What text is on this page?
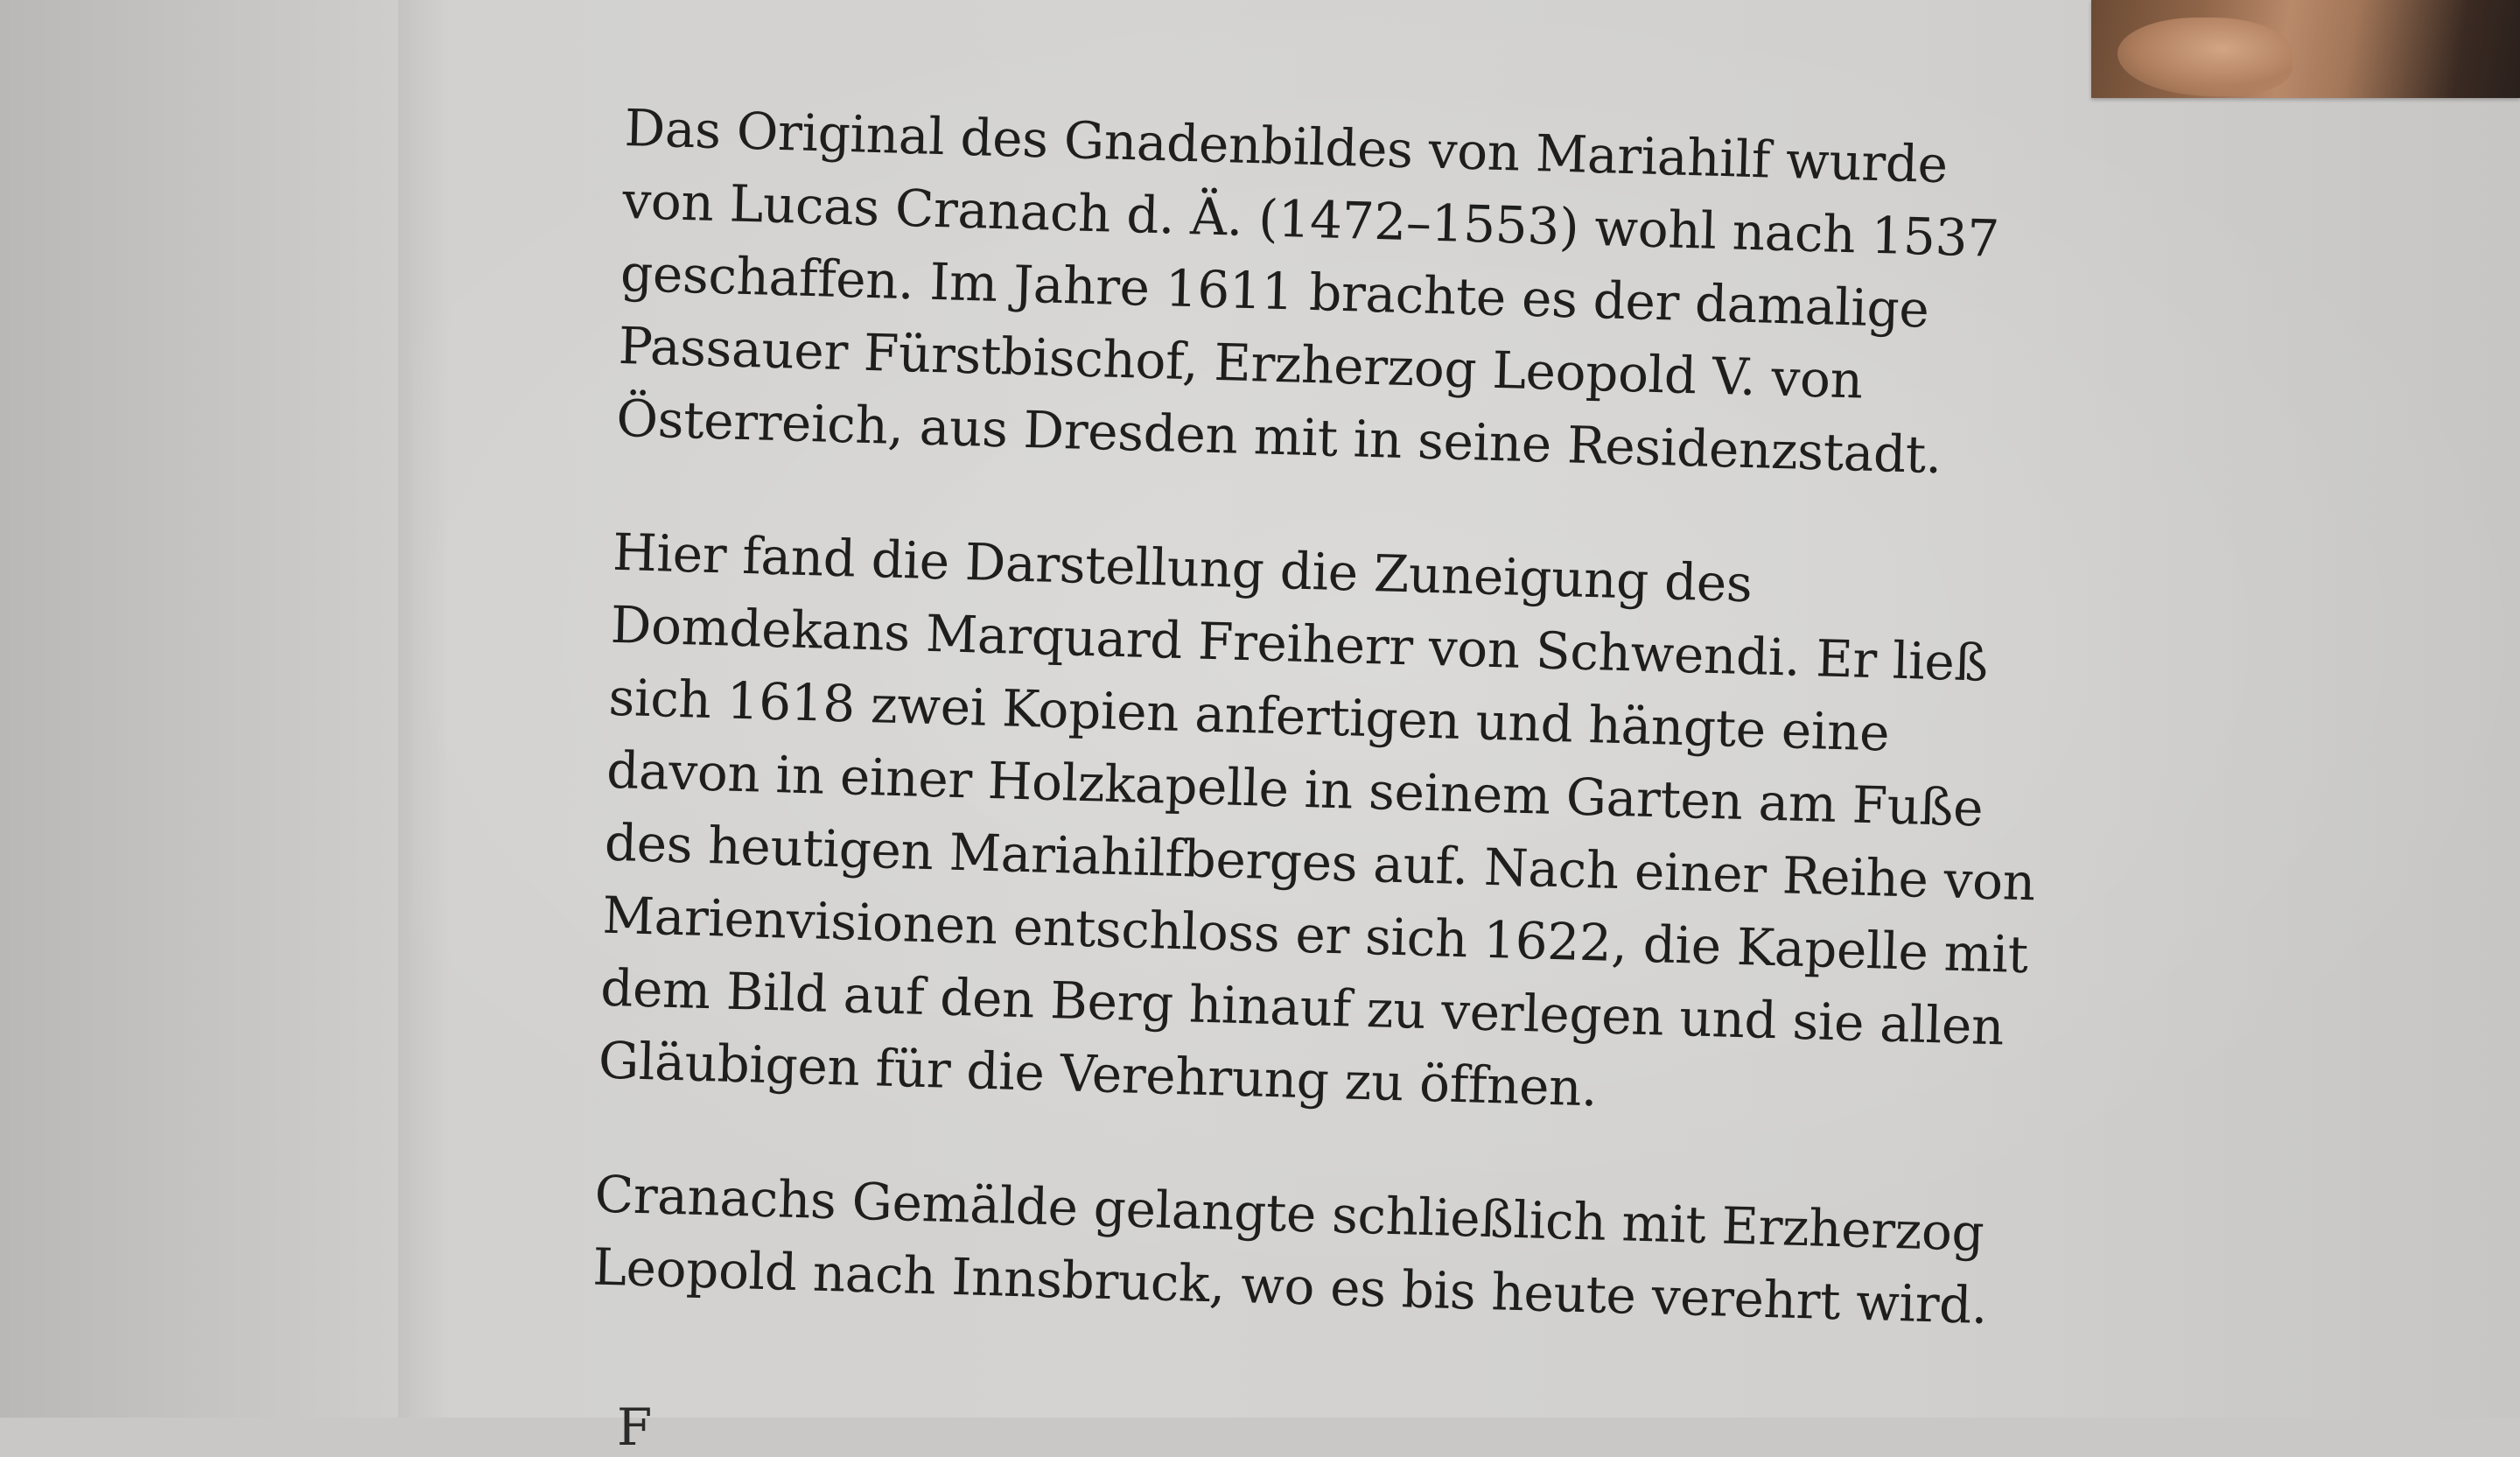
Das Original des Gnadenbildes von Mariahilf wurde
von Lucas Cranach d. Ä. (1472–1553) wohl nach 1537
geschaffen. Im Jahre 1611 brachte es der damalige
Passauer Fürstbischof, Erzherzog Leopold V. von
Österreich, aus Dresden mit in seine Residenzstadt.

Hier fand die Darstellung die Zuneigung des
Domdekans Marquard Freiherr von Schwendi. Er ließ
sich 1618 zwei Kopien anfertigen und hängte eine
davon in einer Holzkapelle in seinem Garten am Fuße
des heutigen Mariahilfberges auf. Nach einer Reihe von
Marienvisionen entschloss er sich 1622, die Kapelle mit
dem Bild auf den Berg hinauf zu verlegen und sie allen
Gläubigen für die Verehrung zu öffnen.

Cranachs Gemälde gelangte schließlich mit Erzherzog
Leopold nach Innsbruck, wo es bis heute verehrt wird.

F
